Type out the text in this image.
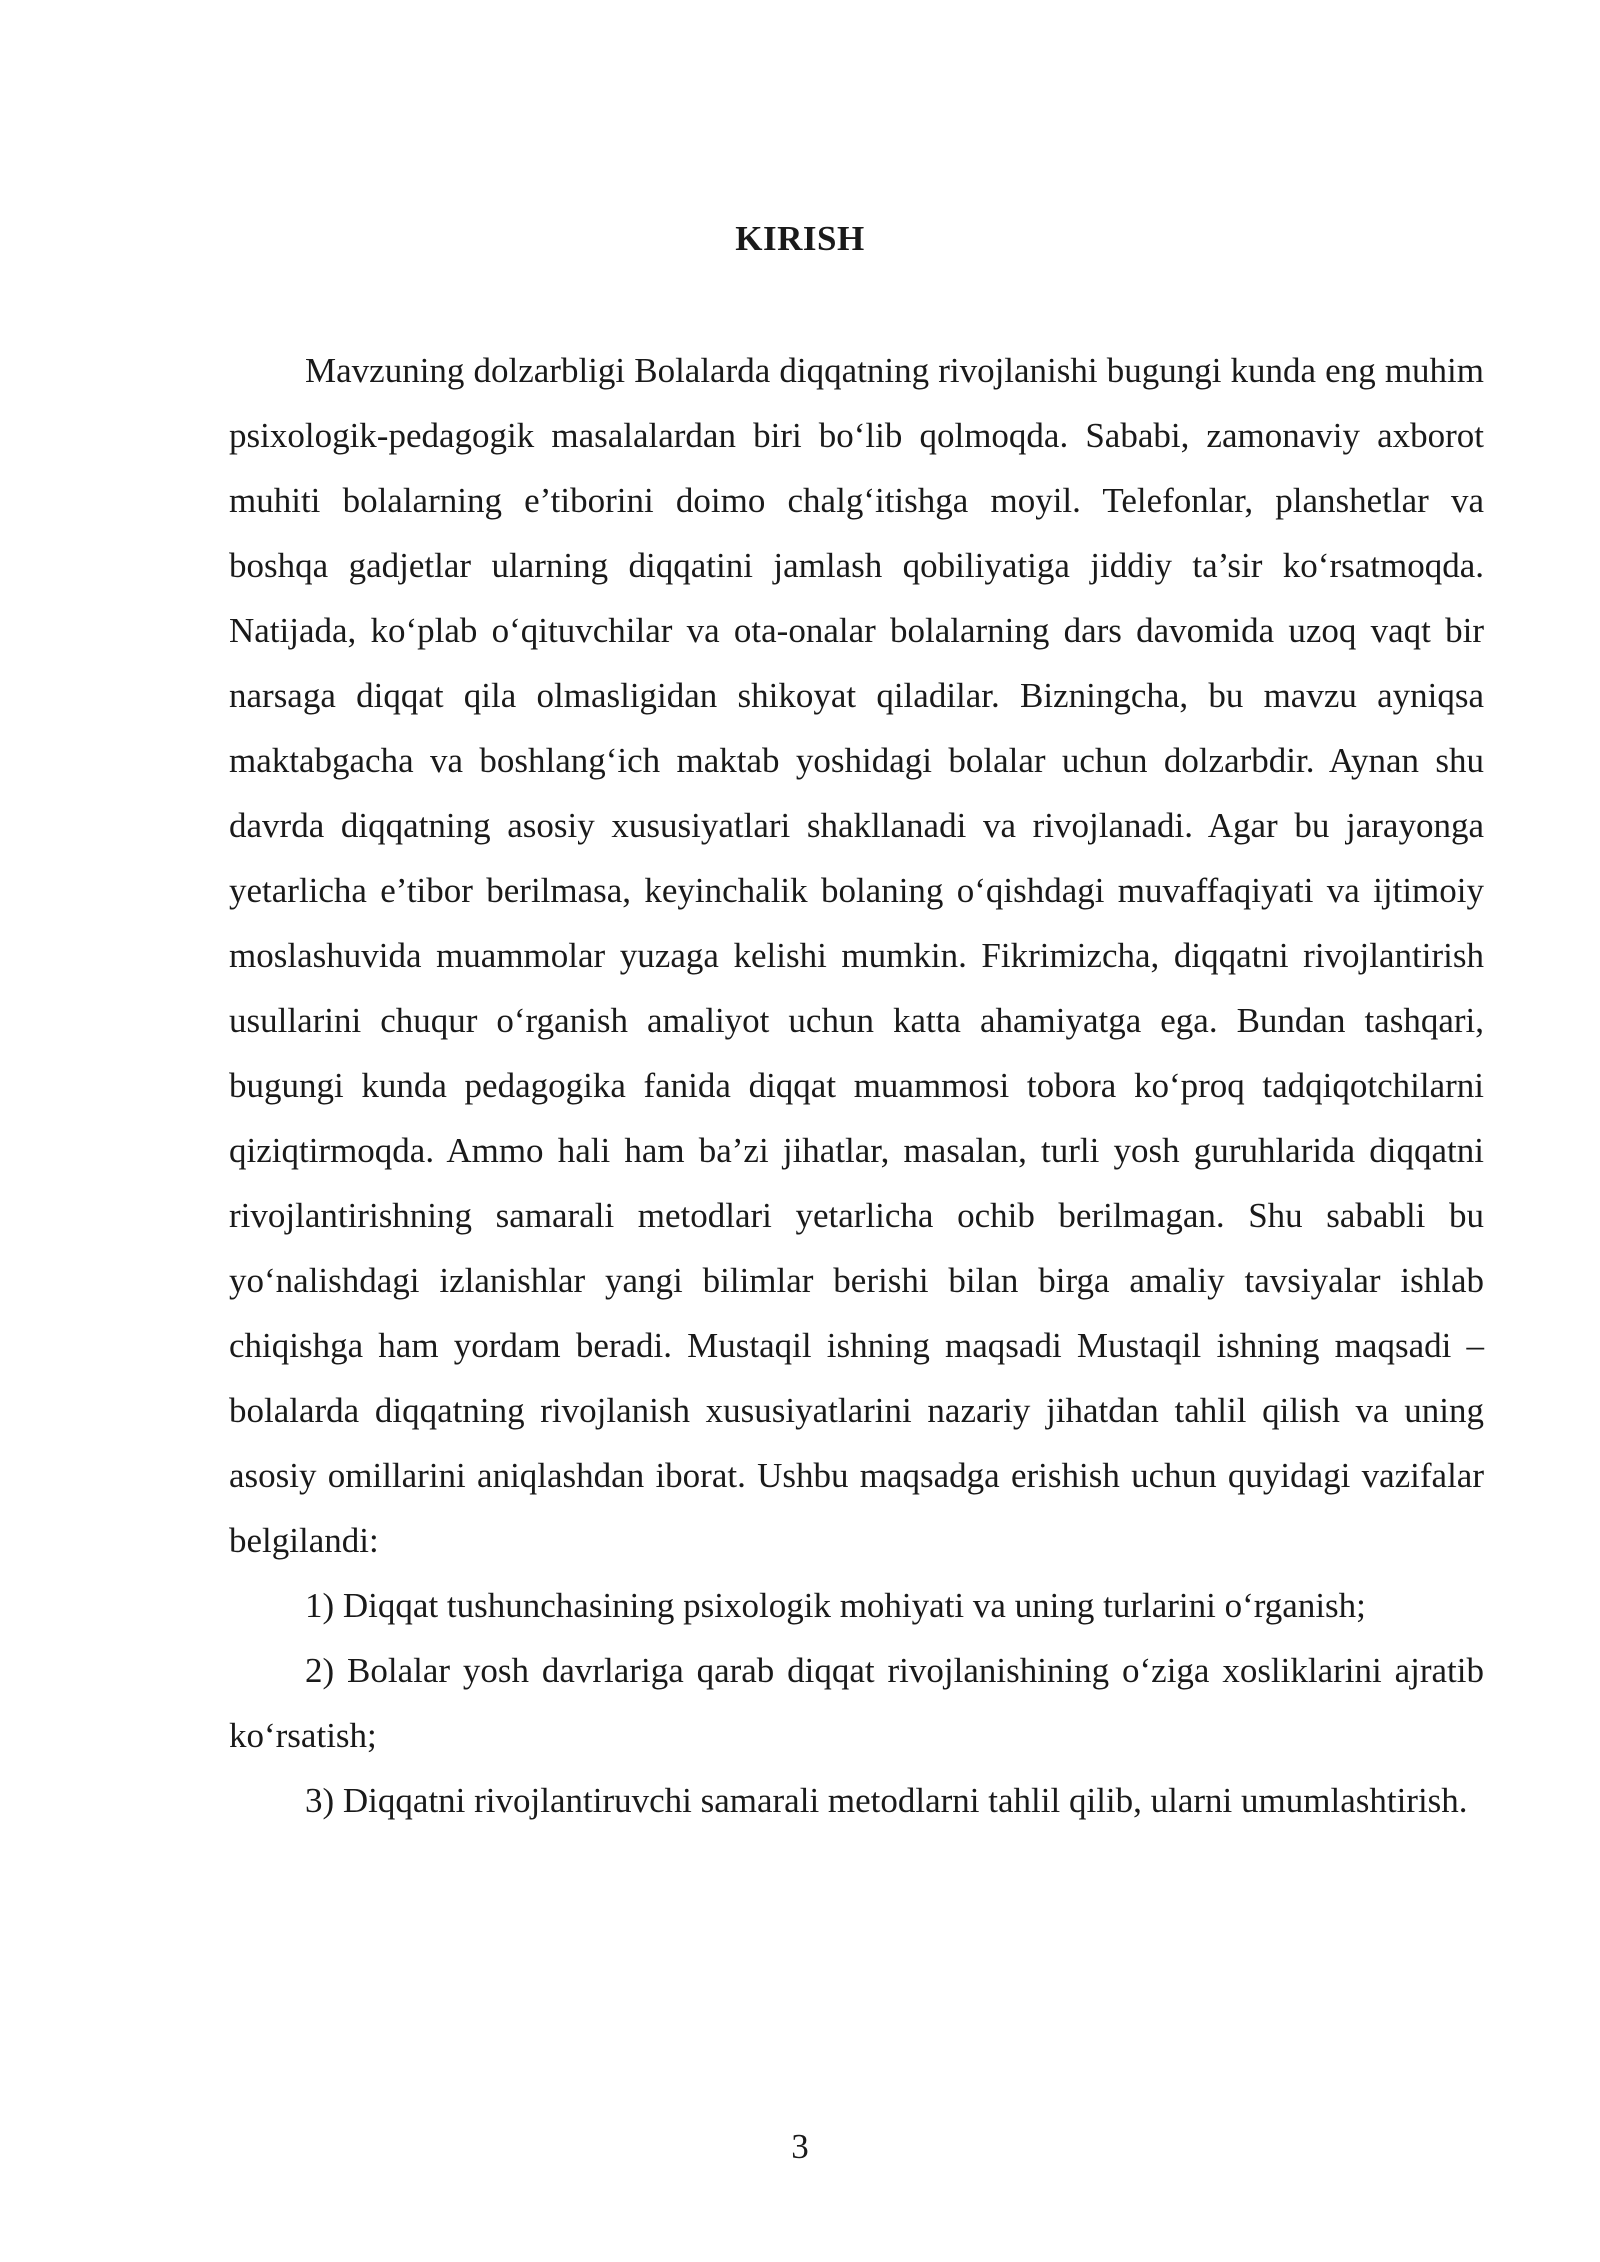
KIRISH

Mavzuning dolzarbligi Bolalarda diqqatning rivojlanishi bugungi kunda eng muhim psixologik-pedagogik masalalardan biri bo‘lib qolmoqda. Sababi, zamonaviy axborot muhiti bolalarning e’tiborini doimo chalg‘itishga moyil. Telefonlar, planshetlar va boshqa gadjetlar ularning diqqatini jamlash qobiliyatiga jiddiy ta’sir ko‘rsatmoqda. Natijada, ko‘plab o‘qituvchilar va ota-onalar bolalarning dars davomida uzoq vaqt bir narsaga diqqat qila olmasligidan shikoyat qiladilar. Bizningcha, bu mavzu ayniqsa maktabgacha va boshlang‘ich maktab yoshidagi bolalar uchun dolzarbdir. Aynan shu davrda diqqatning asosiy xususiyatlari shakllanadi va rivojlanadi. Agar bu jarayonga yetarlicha e’tibor berilmasa, keyinchalik bolaning o‘qishdagi muvaffaqiyati va ijtimoiy moslashuvida muammolar yuzaga kelishi mumkin. Fikrimizcha, diqqatni rivojlantirish usullarini chuqur o‘rganish amaliyot uchun katta ahamiyatga ega. Bundan tashqari, bugungi kunda pedagogika fanida diqqat muammosi tobora ko‘proq tadqiqotchilarni qiziqtirmoqda. Ammo hali ham ba’zi jihatlar, masalan, turli yosh guruhlarida diqqatni rivojlantirishning samarali metodlari yetarlicha ochib berilmagan. Shu sababli bu yo‘nalishdagi izlanishlar yangi bilimlar berishi bilan birga amaliy tavsiyalar ishlab chiqishga ham yordam beradi. Mustaqil ishning maqsadi Mustaqil ishning maqsadi – bolalarda diqqatning rivojlanish xususiyatlarini nazariy jihatdan tahlil qilish va uning asosiy omillarini aniqlashdan iborat. Ushbu maqsadga erishish uchun quyidagi vazifalar belgilandi:

1) Diqqat tushunchasining psixologik mohiyati va uning turlarini o‘rganish;

2) Bolalar yosh davrlariga qarab diqqat rivojlanishining o‘ziga xosliklarini ajratib ko‘rsatish;

3) Diqqatni rivojlantiruvchi samarali metodlarni tahlil qilib, ularni umumlashtirish.

3
